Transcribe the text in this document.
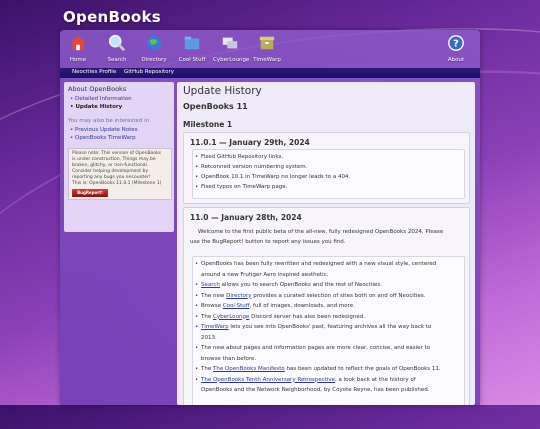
OpenBooks
Home	Search	Directory	Cool Stuff	CyberLounge TimeWarp
?
About
Neocities Profile GitHub Repository
About OpenBooks
• Detailed Information
• Update History
You may also be interested in
• Previous Update Notes
• OpenBooks TimeWarp
Please note: This version of OpenBooks
is under construction. Things may be
broken, glitchy, or non-functional.
Consider helping development by
reporting any bugs you encounter!
This is: OpenBooks 11.0.1 (Milestone 1)
BugReport!
Update History
OpenBooks 11
Milestone 1
11.0.1 — January 29th, 2024
• Fixed GitHub Repository links.
• Retconned version numbering system.
• OpenBook 10.1 in TimeWarp no longer leads to a 404.
• Fixed typos on TimeWarp page.
11.0 — January 28th, 2024
Welcome to the first public beta of the all-new, fully redesigned OpenBooks 2024. Please
use the BugReport! button to report any issues you find.
• OpenBooks has been fully rewritten and redesigned with a new visual style, centered
around a new Frutiger Aero inspired aesthetic.
• Search allows you to search OpenBooks and the rest of Neocities.
• The new Directory provides a curated selection of sites both on and off Neocities.
• Browse Cool Stuff, full of images, downloads, and more.
• The CyberLounge Discord server has also been redesigned.
• TimeWarp lets you see into OpenBooks' past, featuring archives all the way back to
2013.
• The new about pages and information pages are more clear, concise, and easier to
browse than before.
• The The OpenBooks Manifesto has been updated to reflect the goals of OpenBooks 11.
• The OpenBooks Tenth Anniversary Retrospective, a look back at the history of
OpenBooks and the Network Neighborhood, by Coyote Reyne, has been published.
